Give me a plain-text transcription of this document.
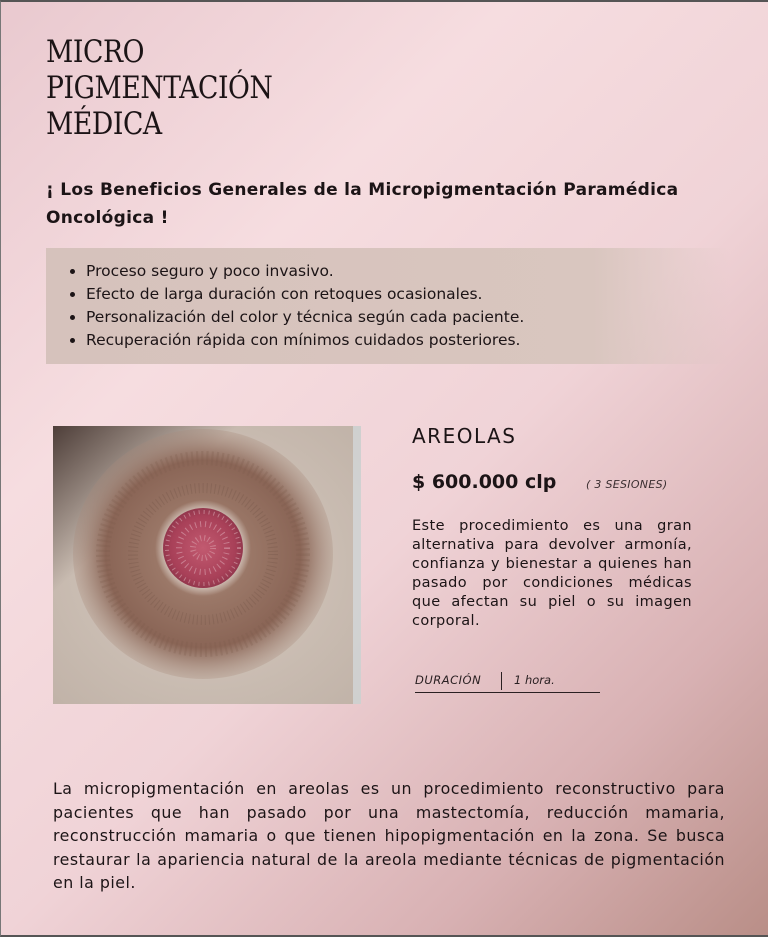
MICRO
PIGMENTACIÓN
MÉDICA
¡ Los Beneficios Generales de la Micropigmentación Paramédica Oncológica !
• Proceso seguro y poco invasivo.
• Efecto de larga duración con retoques ocasionales.
• Personalización del color y técnica según cada paciente.
• Recuperación rápida con mínimos cuidados posteriores.
AREOLAS
$ 600.000 clp	( 3 SESIONES)

Este procedimiento es una gran alternativa para devolver armonía, confianza y bienestar a quienes han pasado por condiciones médicas que afectan su piel o su imagen corporal.

DURACIÓN	1 hora.

La micropigmentación en areolas es un procedimiento reconstructivo para pacientes que han pasado por una mastectomía, reducción mamaria, reconstrucción mamaria o que tienen hipopigmentación en la zona. Se busca restaurar la apariencia natural de la areola mediante técnicas de pigmentación en la piel.
